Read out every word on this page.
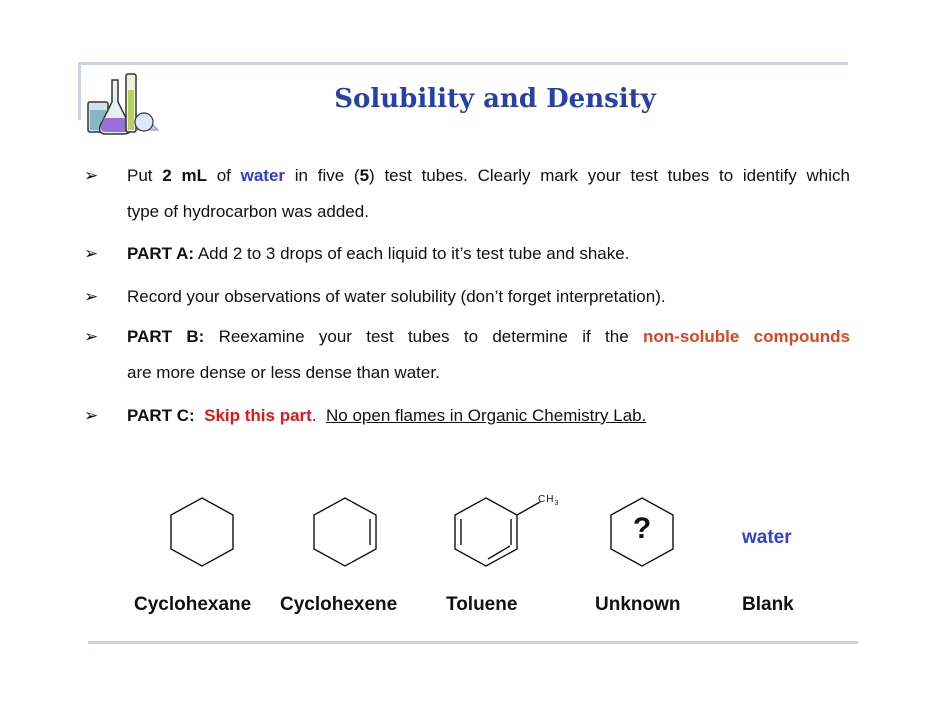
Solubility and Density
➢ Put 2 mL of water in five (5) test tubes. Clearly mark your test tubes to identify which
type of hydrocarbon was added.
➢ PART A: Add 2 to 3 drops of each liquid to it’s test tube and shake.
➢ Record your observations of water solubility (don’t forget interpretation).
➢ PART B: Reexamine your test tubes to determine if the non-soluble compounds
are more dense or less dense than water.
➢ PART C: Skip this part. No open flames in Organic Chemistry Lab.
$CH_3$
?	water
Cyclohexane Cyclohexene	Toluene	Unknown	Blank
